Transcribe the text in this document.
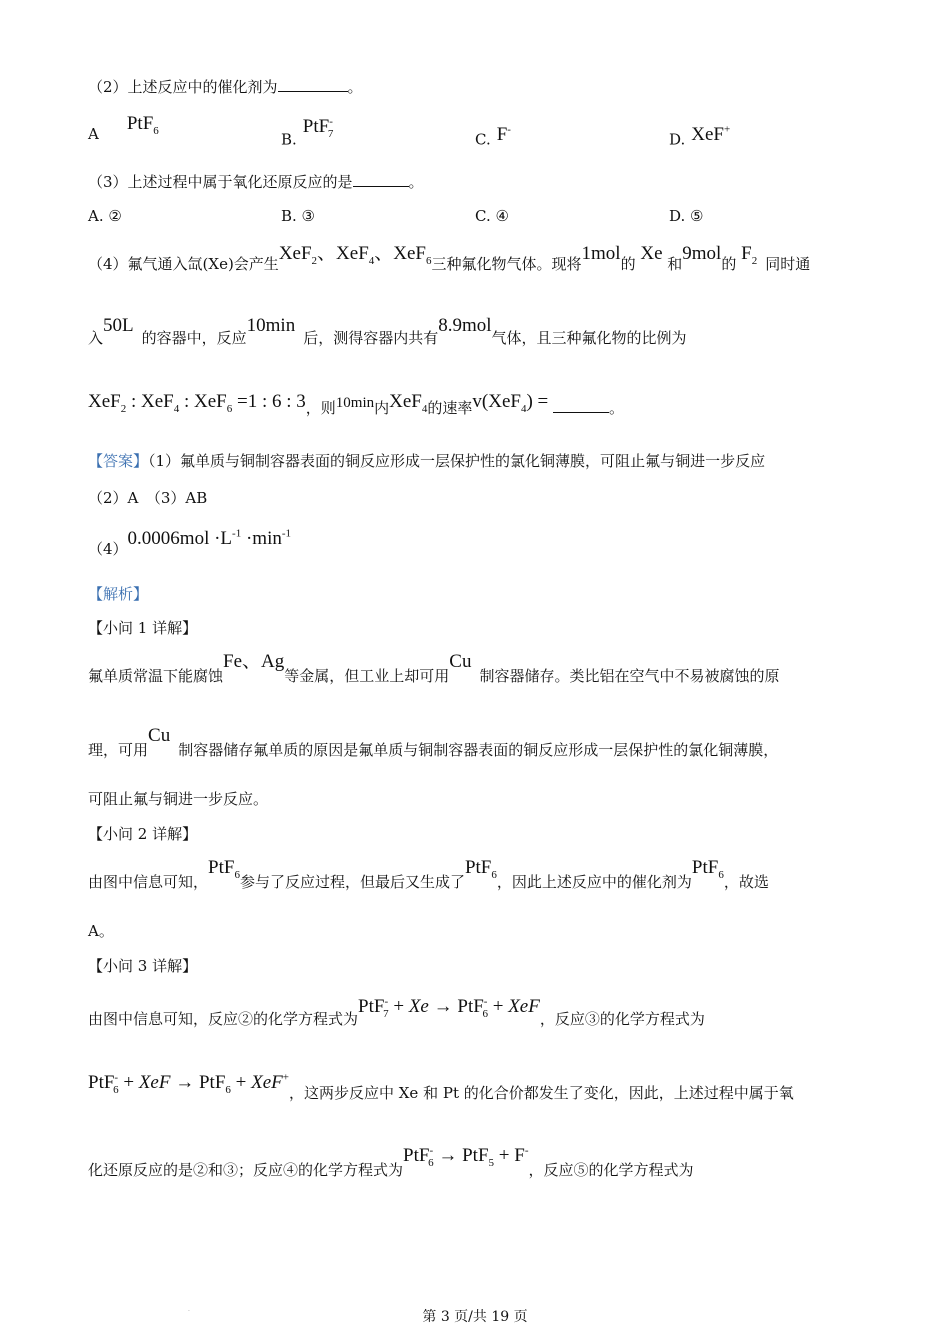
（2）上述反应中的催化剂为	。
A PtF$_6$	B.PtF-$_7$	C. F-
D. XeF+
（3）上述过程中属于氧化还原反应的是	。
A. ②	B. ③	C. ④	D. ⑤
（4）氟气通入氙(Xe)会产生XeF$_2$、XeF$_4$、XeF$_6$三种氟化物气体。现将1mol的 Xe 和9mol的 $F_2$ 同时通
入50L的容器中，反应10min后，测得容器内共有8.9mol气体，且三种氟化物的比例为
XeF$_2$ : XeF$_4$ : XeF$_6$ =1 : 6 : 3，则10min内XeF$_4$的速率v(XeF$_4$) =	。
【答案】（1）氟单质与铜制容器表面的铜反应形成一层保护性的氯化铜薄膜，可阻止氟与铜进一步反应
（2）A　（3）AB
$(4)0.0006mol \cdot L^{-1} \cdot\min^{-1}$
【解析】
【小问 1 详解】
氟单质常温下能腐蚀Fe、Ag等金属，但工业上却可用Cu制容器储存。类比铝在空气中不易被腐蚀的原
理，可用Cu制容器储存氟单质的原因是氟单质与铜制容器表面的铜反应形成一层保护性的氯化铜薄膜，
可阻止氟与铜进一步反应。
【小问 2 详解】
由图中信息可知，PtF$_6$参与了反应过程，但最后又生成了PtF$_6$，因此上述反应中的催化剂为PtF$_6$，故选
A。
【小问 3 详解】
由图中信息可知，反应②的化学方程式为PtF-$_7$ + Xe → PtF-$_6$ + XeF，反应③的化学方程式为
PtF-$_6$ + XeF → PtF$_6$ + XeF+，这两步反应中 Xe 和 Pt 的化合价都发生了变化，因此，上述过程中属于氧
化还原反应的是②和③；反应④的化学方程式为PtF-$_6$ → PtF$_5$ + F-，反应⑤的化学方程式为
·	第 3 页/共 19 页
